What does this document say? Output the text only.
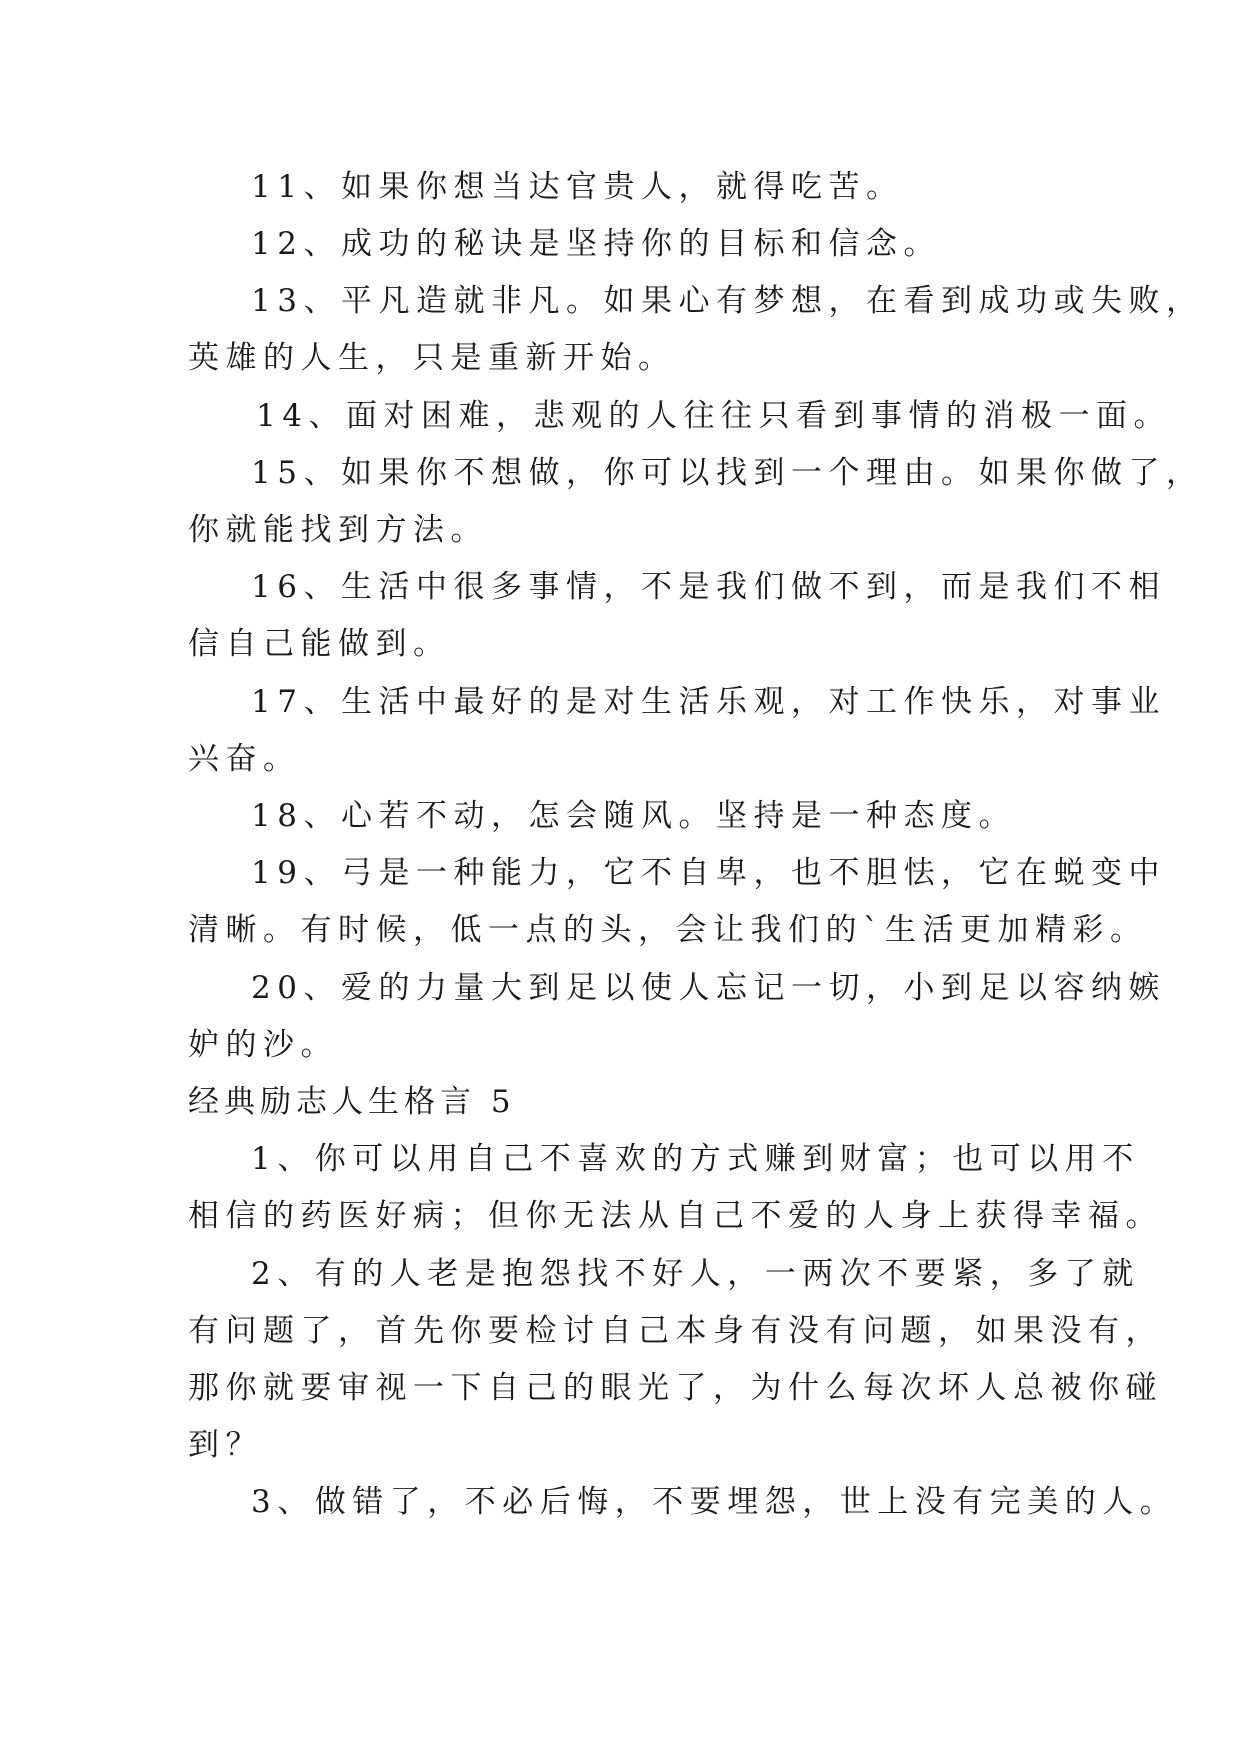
11、如果你想当达官贵人，就得吃苦。
12、成功的秘诀是坚持你的目标和信念。
13、平凡造就非凡。如果心有梦想，在看到成功或失败，
英雄的人生，只是重新开始。
14、面对困难，悲观的人往往只看到事情的消极一面。
15、如果你不想做，你可以找到一个理由。如果你做了，
你就能找到方法。
16、生活中很多事情，不是我们做不到，而是我们不相
信自己能做到。
17、生活中最好的是对生活乐观，对工作快乐，对事业
兴奋。
18、心若不动，怎会随风。坚持是一种态度。
19、弓是一种能力，它不自卑，也不胆怯，它在蜕变中
清晰。有时候，低一点的头，会让我们的`生活更加精彩。
20、爱的力量大到足以使人忘记一切，小到足以容纳嫉
妒的沙。
经典励志人生格言 5
1、你可以用自己不喜欢的方式赚到财富；也可以用不
相信的药医好病；但你无法从自己不爱的人身上获得幸福。
2、有的人老是抱怨找不好人，一两次不要紧，多了就
有问题了，首先你要检讨自己本身有没有问题，如果没有，
那你就要审视一下自己的眼光了，为什么每次坏人总被你碰
到？
3、做错了，不必后悔，不要埋怨，世上没有完美的人。
